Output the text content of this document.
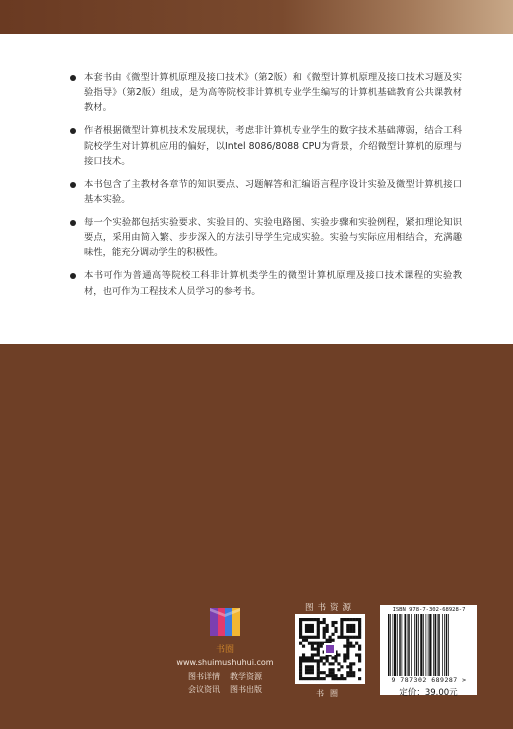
本套书由《微型计算机原理及接口技术》（第2版）和《微型计算机原理及接口技术习题及实验指导》（第2版）组成，是为高等院校非计算机专业学生编写的计算机基础教育公共课教材教材。
作者根据微型计算机技术发展现状，考虑非计算机专业学生的数字技术基础薄弱，结合工科院校学生对计算机应用的偏好，以Intel 8086/8088 CPU为背景，介绍微型计算机的原理与接口技术。
本书包含了主教材各章节的知识要点、习题解答和汇编语言程序设计实验及微型计算机接口基本实验。
每一个实验都包括实验要求、实验目的、实验电路图、实验步骤和实验例程，紧扣理论知识要点，采用由简入繁、步步深入的方法引导学生完成实验。实验与实际应用相结合，充满趣味性，能充分调动学生的积极性。
本书可作为普通高等院校工科非计算机类学生的微型计算机原理及接口技术课程的实验教材，也可作为工程技术人员学习的参考书。
书圈
www.shuimushuhui.com
图书详情 教学资源
会议资讯 图书出版
图书资源
书圈
ISBN 978-7-302-68928-7
9 787302 689287 >
定价：39.00元
